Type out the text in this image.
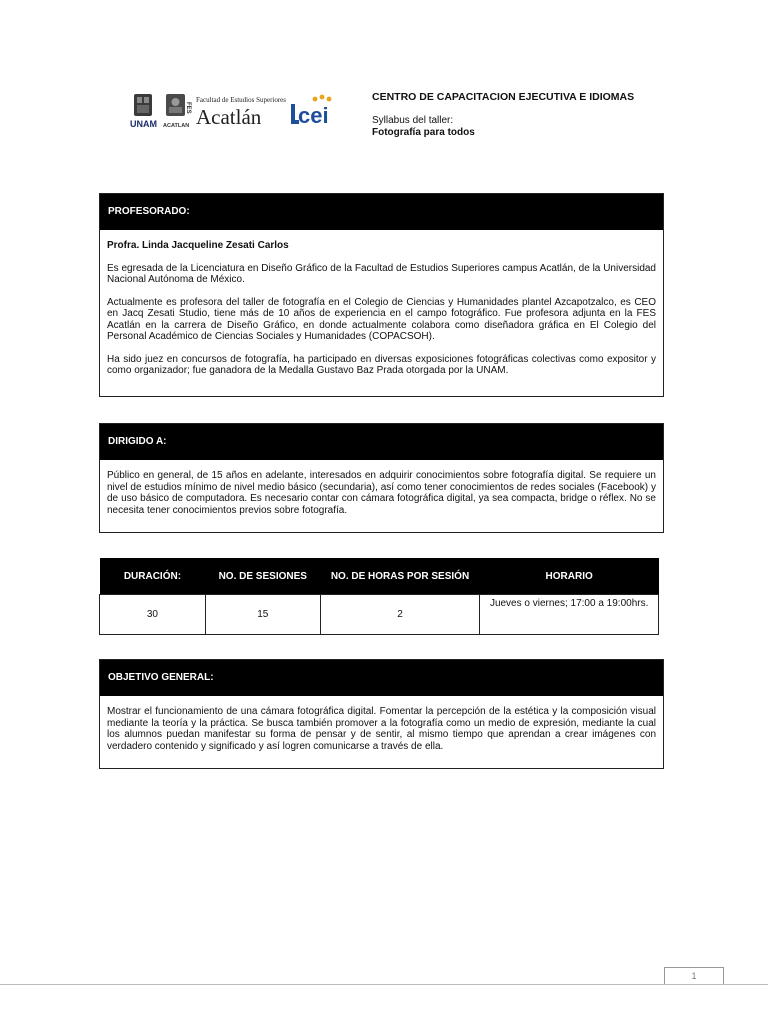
UNAM ACATLAN
FES
Facultad de Estudios Superiores
Acatlán cei
CENTRO DE CAPACITACION EJECUTIVA E IDIOMAS
Syllabus del taller:
Fotografía para todos
PROFESORADO:

Profra. Linda Jacqueline Zesati Carlos

Es egresada de la Licenciatura en Diseño Gráfico de la Facultad de Estudios Superiores campus Acatlán, de la Universidad Nacional Autónoma de México.

Actualmente es profesora del taller de fotografía en el Colegio de Ciencias y Humanidades plantel Azcapotzalco, es CEO en Jacq Zesati Studio, tiene más de 10 años de experiencia en el campo fotográfico. Fue profesora adjunta en la FES Acatlán en la carrera de Diseño Gráfico, en donde actualmente colabora como diseñadora gráfica en El Colegio del Personal Académico de Ciencias Sociales y Humanidades (COPACSOH).

Ha sido juez en concursos de fotografía, ha participado en diversas exposiciones fotográficas colectivas como expositor y como organizador; fue ganadora de la Medalla Gustavo Baz Prada otorgada por la UNAM.

DIRIGIDO A:

Público en general, de 15 años en adelante, interesados en adquirir conocimientos sobre fotografía digital. Se requiere un nivel de estudios mínimo de nivel medio básico (secundaria), así como tener conocimientos de redes sociales (Facebook) y de uso básico de computadora. Es necesario contar con cámara fotográfica digital, ya sea compacta, bridge o réflex. No se necesita tener conocimientos previos sobre fotografía.

DURACIÓN:	NO. DE SESIONES	NO. DE HORAS POR SESIÓN	HORARIO
30	15	2	Jueves o viernes; 17:00 a 19:00hrs.
OBJETIVO GENERAL:

Mostrar el funcionamiento de una cámara fotográfica digital. Fomentar la percepción de la estética y la composición visual mediante la teoría y la práctica. Se busca también promover a la fotografía como un medio de expresión, mediante la cual los alumnos puedan manifestar su forma de pensar y de sentir, al mismo tiempo que aprendan a crear imágenes con verdadero contenido y significado y así logren comunicarse a través de ella.

1
